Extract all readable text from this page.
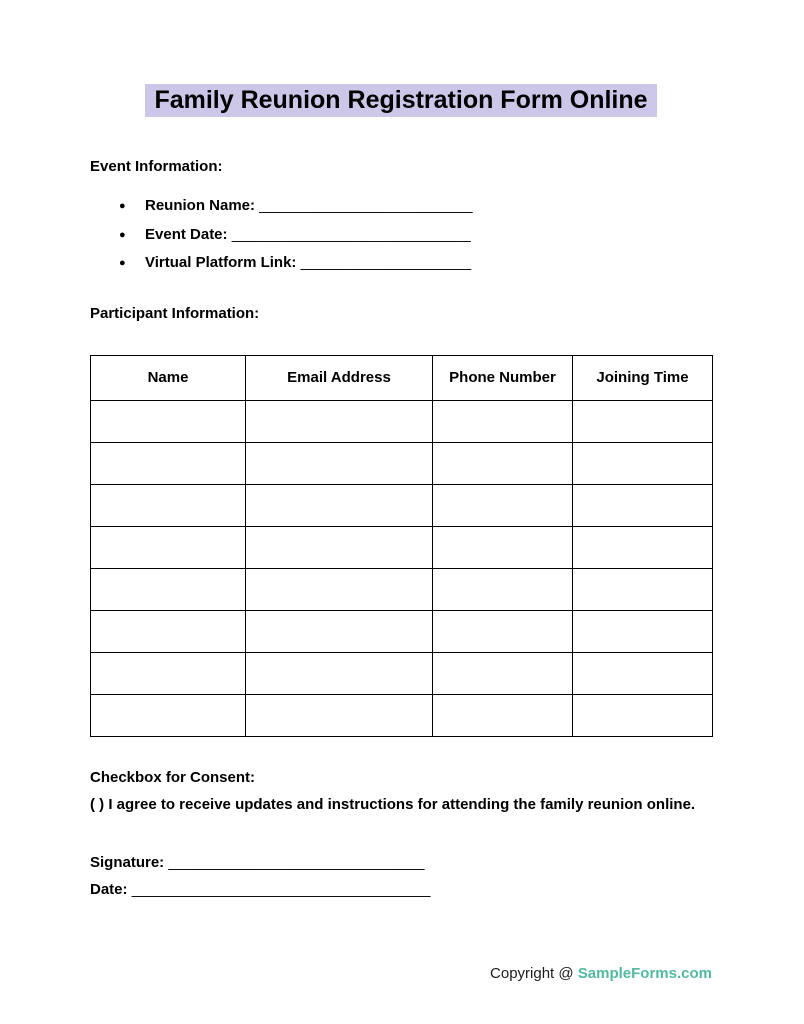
Family Reunion Registration Form Online

Event Information:

● Reunion Name: _________________________
● Event Date: ____________________________
● Virtual Platform Link: ____________________

Participant Information:

Name	Email Address	Phone Number	Joining Time

Checkbox for Consent:

( ) I agree to receive updates and instructions for attending the family reunion online.

Signature: ______________________________

Date: ___________________________________

Copyright @ SampleForms.com
